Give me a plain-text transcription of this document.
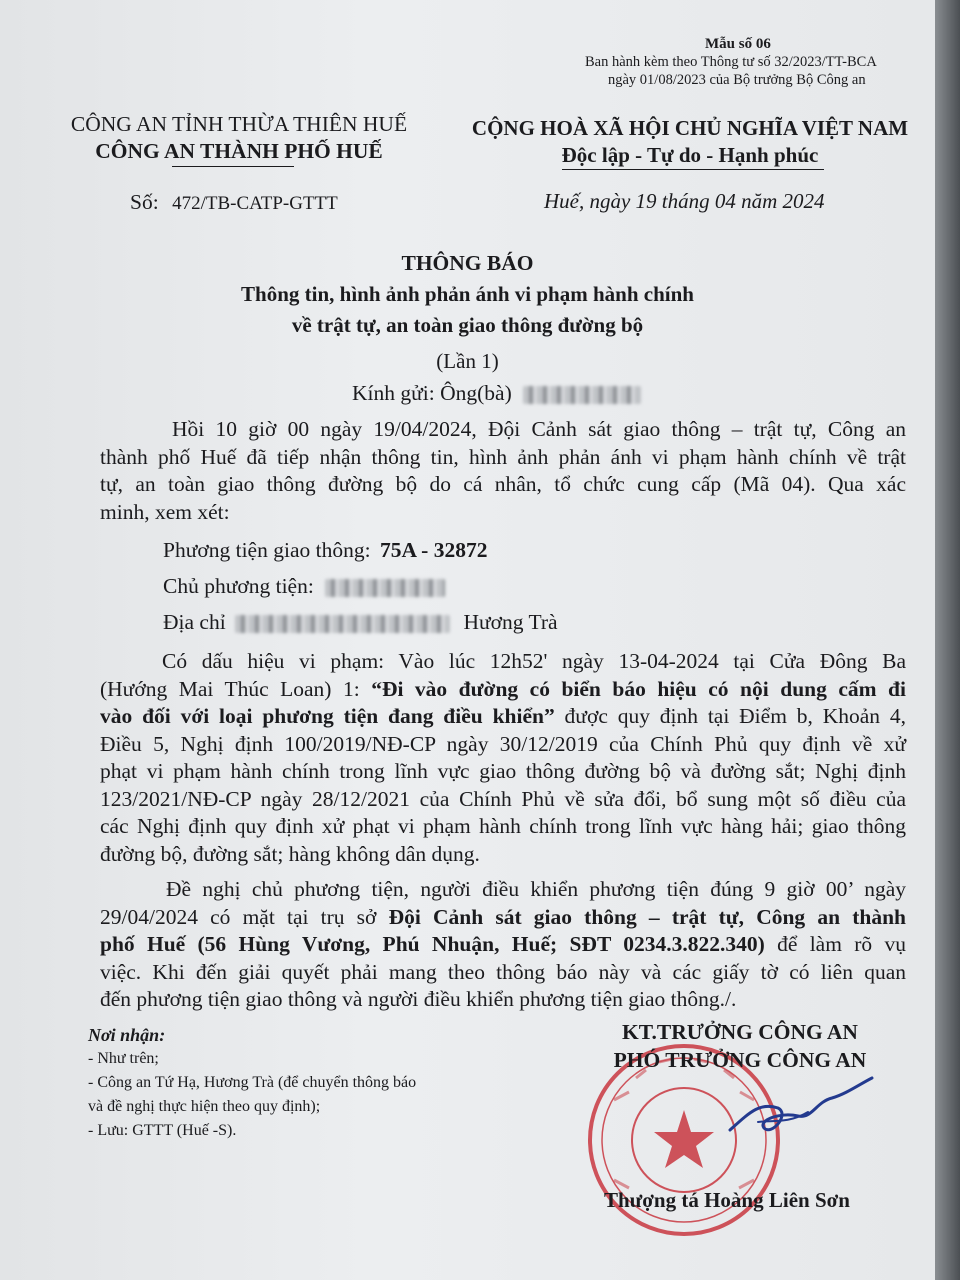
Mẫu số 06
Ban hành kèm theo Thông tư số 32/2023/TT-BCA
ngày 01/08/2023 của Bộ trưởng Bộ Công an
CÔNG AN TỈNH THỪA THIÊN HUẾ
CÔNG AN THÀNH PHỐ HUẾ
Số: 472/TB-CATP-GTTT
CỘNG HOÀ XÃ HỘI CHỦ NGHĨA VIỆT NAM
Độc lập - Tự do - Hạnh phúc
Huế, ngày 19 tháng 04 năm 2024
THÔNG BÁO
Thông tin, hình ảnh phản ánh vi phạm hành chính
về trật tự, an toàn giao thông đường bộ
(Lần 1)
Kính gửi: Ông(bà)
Hồi 10 giờ 00 ngày 19/04/2024, Đội Cảnh sát giao thông – trật tự, Công an
thành phố Huế đã tiếp nhận thông tin, hình ảnh phản ánh vi phạm hành chính về trật
tự, an toàn giao thông đường bộ do cá nhân, tổ chức cung cấp (Mã 04). Qua xác
minh, xem xét:
Phương tiện giao thông: 75A - 32872
Chủ phương tiện:
Địa chỉ	Hương Trà
Có dấu hiệu vi phạm: Vào lúc 12h52' ngày 13-04-2024 tại Cửa Đông Ba
(Hướng Mai Thúc Loan) 1: “Đi vào đường có biển báo hiệu có nội dung cấm đi
vào đối với loại phương tiện đang điều khiển” được quy định tại Điểm b, Khoản 4,
Điều 5, Nghị định 100/2019/NĐ-CP ngày 30/12/2019 của Chính Phủ quy định về xử
phạt vi phạm hành chính trong lĩnh vực giao thông đường bộ và đường sắt; Nghị định
123/2021/NĐ-CP ngày 28/12/2021 của Chính Phủ về sửa đổi, bổ sung một số điều của
các Nghị định quy định xử phạt vi phạm hành chính trong lĩnh vực hàng hải; giao thông
đường bộ, đường sắt; hàng không dân dụng.
Đề nghị chủ phương tiện, người điều khiển phương tiện đúng 9 giờ 00’ ngày
29/04/2024 có mặt tại trụ sở Đội Cảnh sát giao thông – trật tự, Công an thành
phố Huế (56 Hùng Vương, Phú Nhuận, Huế; SĐT 0234.3.822.340) để làm rõ vụ
việc. Khi đến giải quyết phải mang theo thông báo này và các giấy tờ có liên quan
đến phương tiện giao thông và người điều khiển phương tiện giao thông./.
Nơi nhận:
- Như trên;
- Công an Tứ Hạ, Hương Trà (để chuyển thông báo
và đề nghị thực hiện theo quy định);
- Lưu: GTTT (Huế -S).
KT.TRƯỞNG CÔNG AN
PHÓ TRƯỞNG CÔNG AN
Thượng tá Hoàng Liên Sơn
